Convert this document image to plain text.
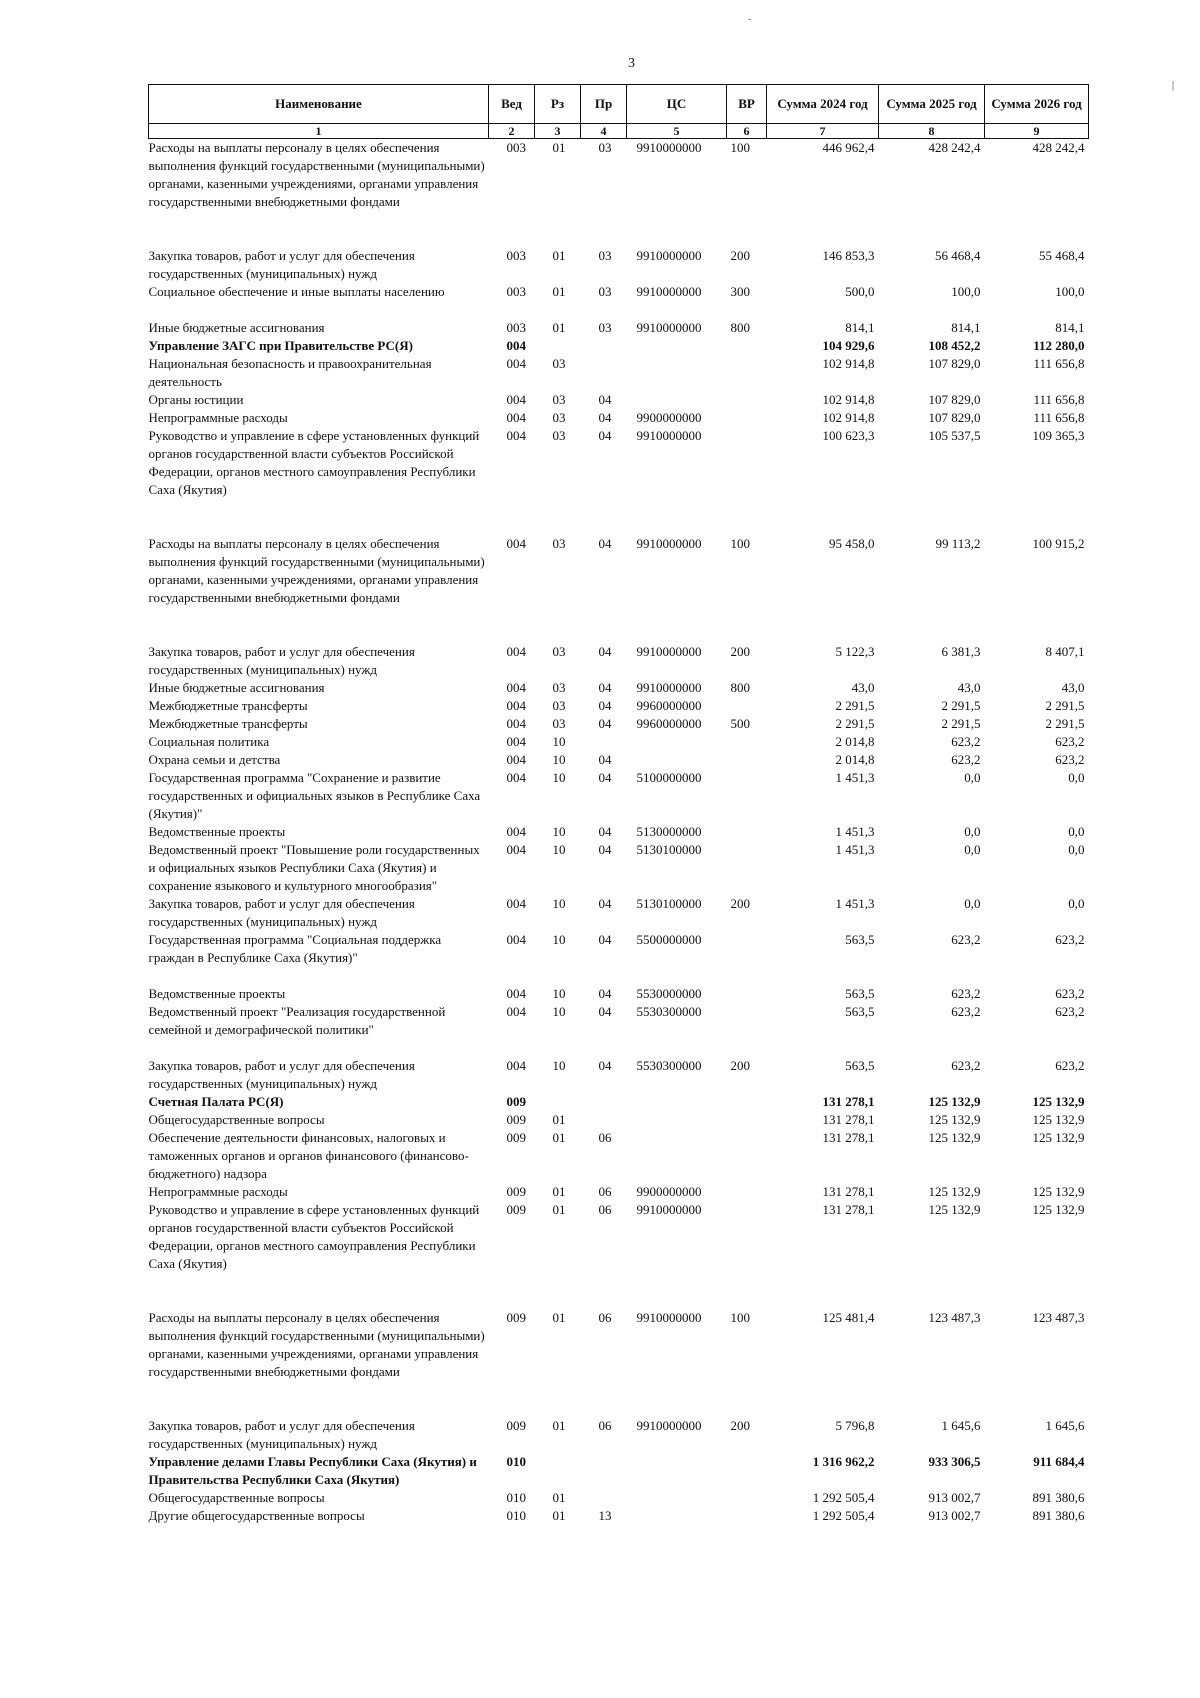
3
-
|
Наименование	Вед	Рз	Пр	ЦС	ВР	Сумма 2024 год	Сумма 2025 год	Сумма 2026 год
1	2	3	4	5	6	7	8	9
Расходы на выплаты персоналу в целях обеспечения выполнения функций государственными (муниципальными) органами, казенными учреждениями, органами управления государственными внебюджетными фондами	003	01	03	9910000000	100	446 962,4	428 242,4	428 242,4
Закупка товаров, работ и услуг для обеспечения государственных (муниципальных) нужд	003	01	03	9910000000	200	146 853,3	56 468,4	55 468,4
Социальное обеспечение и иные выплаты населению	003	01	03	9910000000	300	500,0	100,0	100,0
Иные бюджетные ассигнования	003	01	03	9910000000	800	814,1	814,1	814,1
Управление ЗАГС при Правительстве РС(Я)	004					104 929,6	108 452,2	112 280,0
Национальная безопасность и правоохранительная деятельность	004	03				102 914,8	107 829,0	111 656,8
Органы юстиции	004	03	04			102 914,8	107 829,0	111 656,8
Непрограммные расходы	004	03	04	9900000000		102 914,8	107 829,0	111 656,8
Руководство и управление в сфере установленных функций органов государственной власти субъектов Российской Федерации, органов местного самоуправления Республики Саха (Якутия)	004	03	04	9910000000		100 623,3	105 537,5	109 365,3
Расходы на выплаты персоналу в целях обеспечения выполнения функций государственными (муниципальными) органами, казенными учреждениями, органами управления государственными внебюджетными фондами	004	03	04	9910000000	100	95 458,0	99 113,2	100 915,2
Закупка товаров, работ и услуг для обеспечения государственных (муниципальных) нужд	004	03	04	9910000000	200	5 122,3	6 381,3	8 407,1
Иные бюджетные ассигнования	004	03	04	9910000000	800	43,0	43,0	43,0
Межбюджетные трансферты	004	03	04	9960000000		2 291,5	2 291,5	2 291,5
Межбюджетные трансферты	004	03	04	9960000000	500	2 291,5	2 291,5	2 291,5
Социальная политика	004	10				2 014,8	623,2	623,2
Охрана семьи и детства	004	10	04			2 014,8	623,2	623,2
Государственная программа "Сохранение и развитие государственных и официальных языков в Республике Саха (Якутия)"	004	10	04	5100000000		1 451,3	0,0	0,0
Ведомственные проекты	004	10	04	5130000000		1 451,3	0,0	0,0
Ведомственный проект "Повышение роли государственных и официальных языков Республики Саха (Якутия) и сохранение языкового и культурного многообразия"	004	10	04	5130100000		1 451,3	0,0	0,0
Закупка товаров, работ и услуг для обеспечения государственных (муниципальных) нужд	004	10	04	5130100000	200	1 451,3	0,0	0,0
Государственная программа "Социальная поддержка граждан в Республике Саха (Якутия)"	004	10	04	5500000000		563,5	623,2	623,2
Ведомственные проекты	004	10	04	5530000000		563,5	623,2	623,2
Ведомственный проект "Реализация государственной семейной и демографической политики"	004	10	04	5530300000		563,5	623,2	623,2
Закупка товаров, работ и услуг для обеспечения государственных (муниципальных) нужд	004	10	04	5530300000	200	563,5	623,2	623,2
Счетная Палата РС(Я)	009					131 278,1	125 132,9	125 132,9
Общегосударственные вопросы	009	01				131 278,1	125 132,9	125 132,9
Обеспечение деятельности финансовых, налоговых и таможенных органов и органов финансового (финансово-бюджетного) надзора	009	01	06			131 278,1	125 132,9	125 132,9
Непрограммные расходы	009	01	06	9900000000		131 278,1	125 132,9	125 132,9
Руководство и управление в сфере установленных функций органов государственной власти субъектов Российской Федерации, органов местного самоуправления Республики Саха (Якутия)	009	01	06	9910000000		131 278,1	125 132,9	125 132,9
Расходы на выплаты персоналу в целях обеспечения выполнения функций государственными (муниципальными) органами, казенными учреждениями, органами управления государственными внебюджетными фондами	009	01	06	9910000000	100	125 481,4	123 487,3	123 487,3
Закупка товаров, работ и услуг для обеспечения государственных (муниципальных) нужд	009	01	06	9910000000	200	5 796,8	1 645,6	1 645,6
Управление делами Главы Республики Саха (Якутия) и Правительства Республики Саха (Якутия)	010					1 316 962,2	933 306,5	911 684,4
Общегосударственные вопросы	010	01				1 292 505,4	913 002,7	891 380,6
Другие общегосударственные вопросы	010	01	13			1 292 505,4	913 002,7	891 380,6
